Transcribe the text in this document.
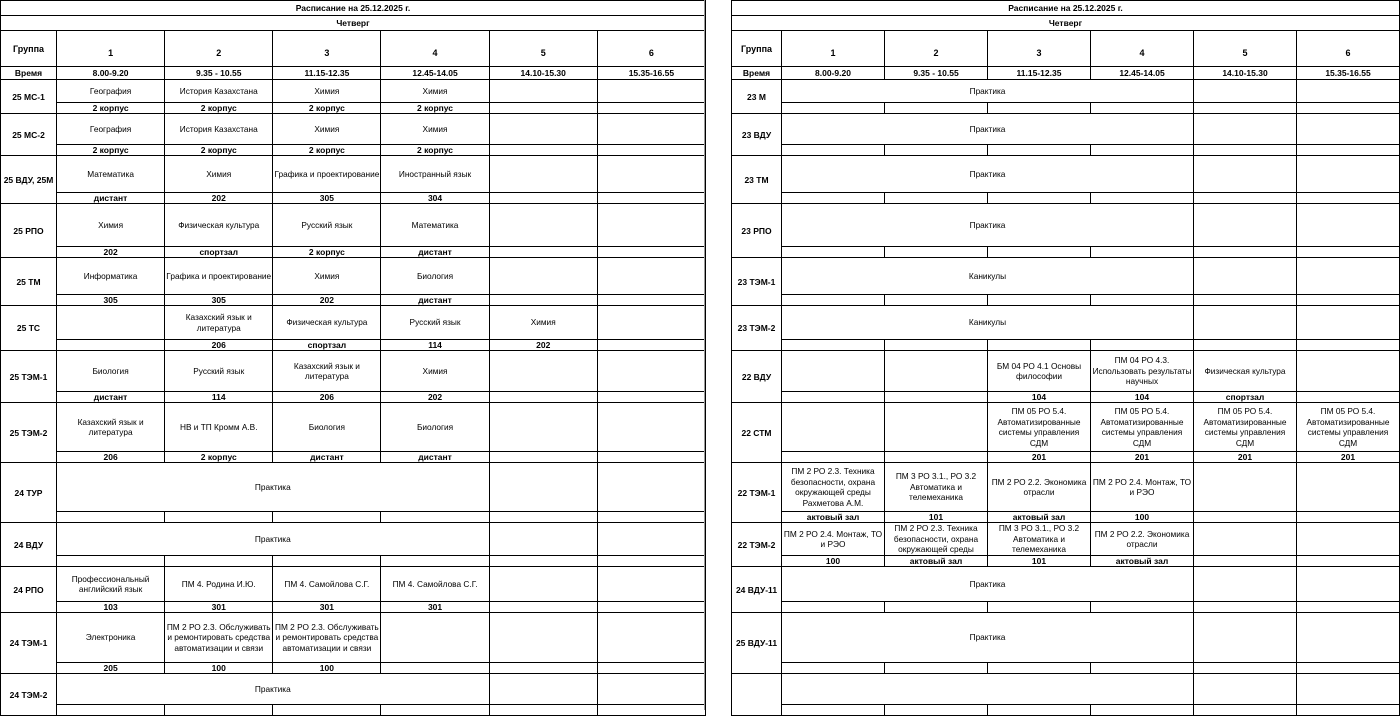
Расписание на 25.12.2025 г.						
Четверг						
Группа	1	2	3	4	5	6
Время	8.00-9.20	9.35 - 10.55	11.15-12.35	12.45-14.05	14.10-15.30	15.35-16.55
25 МС-1	География	История Казахстана	Химия	Химия		
	2 корпус	2 корпус	2 корпус	2 корпус		
25 МС-2	География	История Казахстана	Химия	Химия		
	2 корпус	2 корпус	2 корпус	2 корпус		
25 ВДУ, 25М	Математика	Химия	Графика и проектирование	Иностранный язык		
	дистант	202	305	304		
25 РПО	Химия	Физическая культура	Русский язык	Математика		
	202	спортзал	2 корпус	дистант		
25 ТМ	Информатика	Графика и проектирование	Химия	Биология		
	305	305	202	дистант		
25 ТС		Казахский язык и литература	Физическая культура	Русский язык	Химия	
		206	спортзал	114	202	
25 ТЭМ-1	Биология	Русский язык	Казахский язык и литература	Химия		
	дистант	114	206	202		
25 ТЭМ-2	Казахский язык и литература	НВ и ТП Кромм А.В.	Биология	Биология		
	206	2 корпус	дистант	дистант		
24 ТУР	Практика					

24 ВДУ	Практика					

24 РПО	Профессиональный английский язык	ПМ 4. Родина И.Ю.	ПМ 4. Самойлова С.Г.	ПМ 4. Самойлова С.Г.		
	103	301	301	301		
24 ТЭМ-1	Электроника	ПМ 2 РО 2.3. Обслуживать и ремонтировать средства автоматизации и связи	ПМ 2 РО 2.3. Обслуживать и ремонтировать средства автоматизации и связи			
	205	100	100			
24 ТЭМ-2	Практика					

Расписание на 25.12.2025 г.						
Четверг						
Группа	1	2	3	4	5	6
Время	8.00-9.20	9.35 - 10.55	11.15-12.35	12.45-14.05	14.10-15.30	15.35-16.55
23 М	Практика					

23 ВДУ	Практика					

23 ТМ	Практика					

23 РПО	Практика					

23 ТЭМ-1	Каникулы					

23 ТЭМ-2	Каникулы					

22 ВДУ			БМ 04 РО 4.1 Основы философии	ПМ 04 РО 4.3. Использовать результаты научных	Физическая культура	
			104	104	спортзал	
22 СТМ			ПМ 05 РО 5.4. Автоматизированные системы управления СДМ	ПМ 05 РО 5.4. Автоматизированные системы управления СДМ	ПМ 05 РО 5.4. Автоматизированные системы управления СДМ	ПМ 05 РО 5.4. Автоматизированные системы управления СДМ
			201	201	201	201
22 ТЭМ-1	ПМ 2 РО 2.3. Техника безопасности, охрана окружающей среды Рахметова А.М.	ПМ 3 РО 3.1., РО 3.2 Автоматика и телемеханика	ПМ 2 РО 2.2. Экономика отрасли	ПМ 2 РО 2.4. Монтаж, ТО и РЭО		
	актовый зал	101	актовый зал	100		
22 ТЭМ-2	ПМ 2 РО 2.4. Монтаж, ТО и РЭО	ПМ 2 РО 2.3. Техника безопасности, охрана окружающей среды	ПМ 3 РО 3.1., РО 3.2 Автоматика и телемеханика	ПМ 2 РО 2.2. Экономика отрасли		
	100	актовый зал	101	актовый зал		
24 ВДУ-11	Практика					

25 ВДУ-11	Практика					
